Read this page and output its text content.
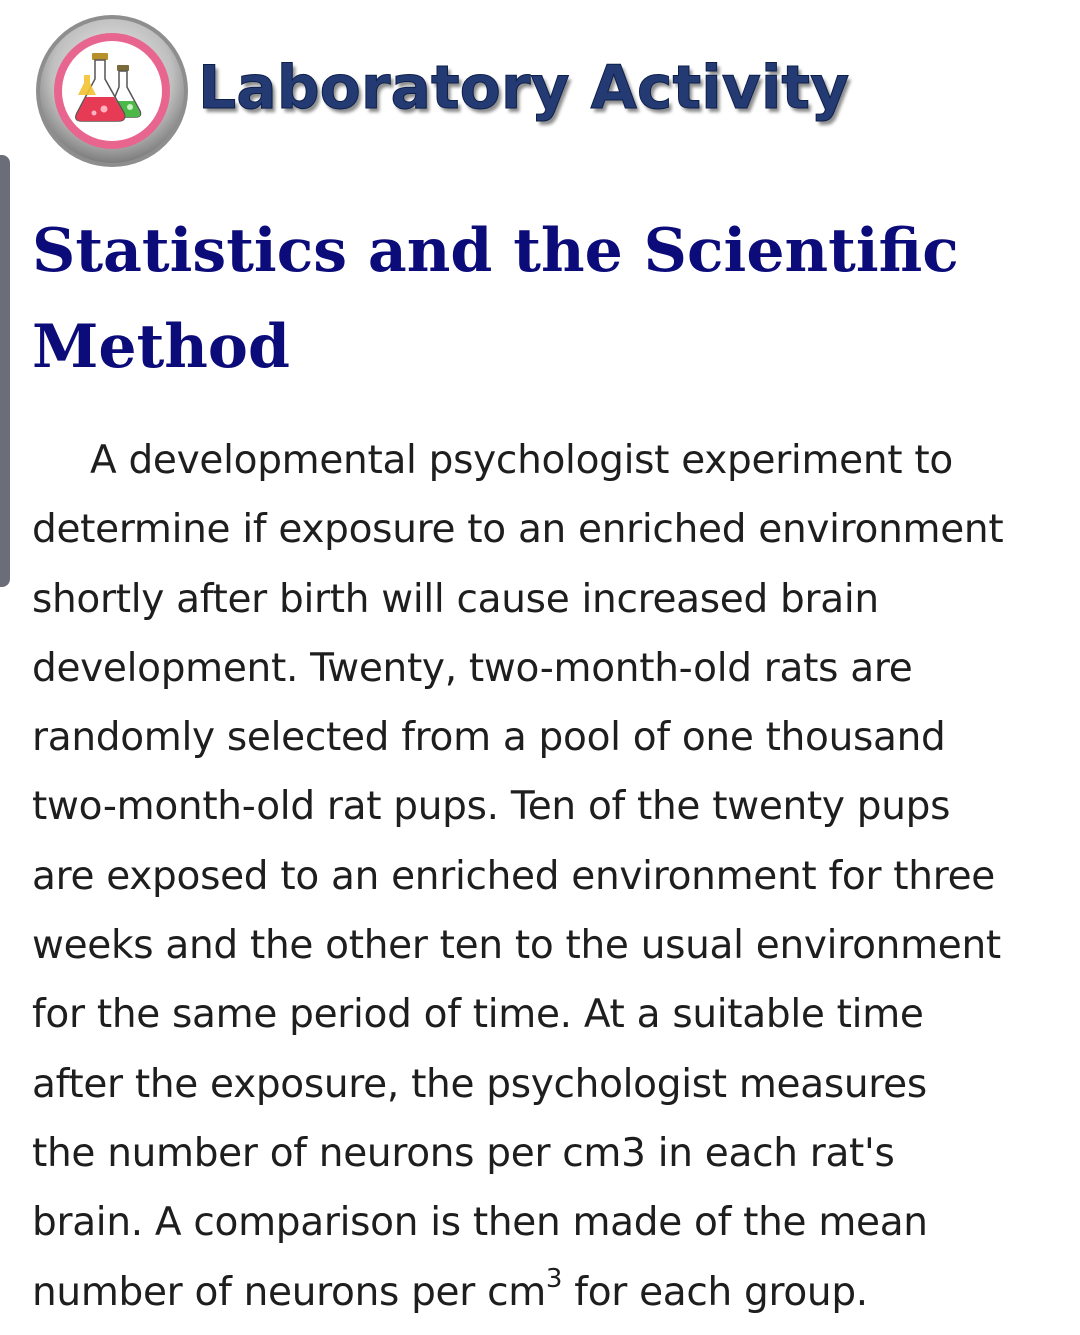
Laboratory Activity
Statistics and the Scientific Method

A developmental psychologist experiment to
determine if exposure to an enriched environment
shortly after birth will cause increased brain
development. Twenty, two-month-old rats are
randomly selected from a pool of one thousand
two-month-old rat pups. Ten of the twenty pups
are exposed to an enriched environment for three
weeks and the other ten to the usual environment
for the same period of time. At a suitable time
after the exposure, the psychologist measures
the number of neurons per cm3 in each rat's
brain. A comparison is then made of the mean
number of neurons per $cm^3$ for each group.
